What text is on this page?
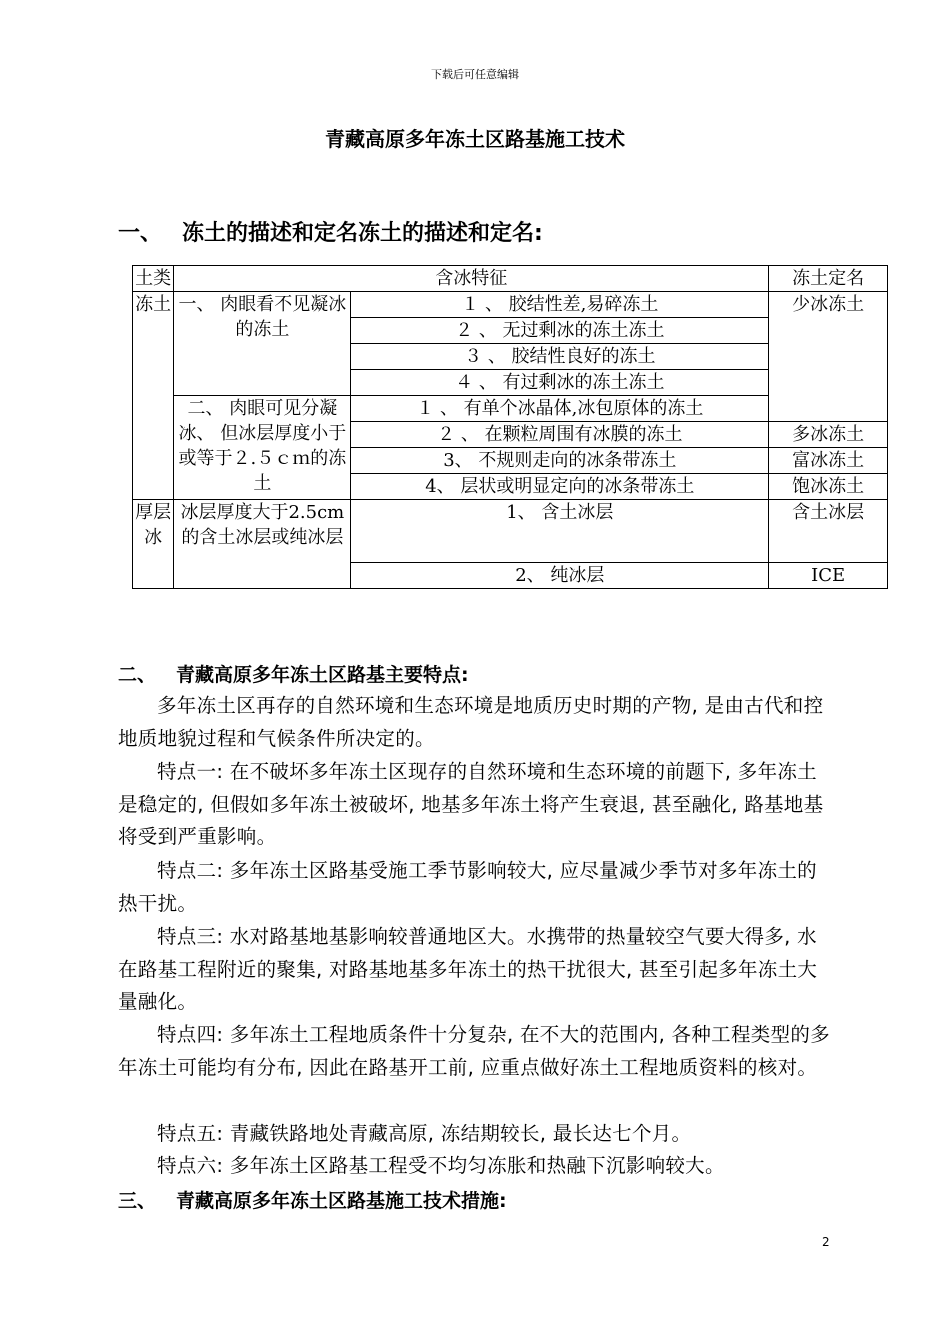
下载后可任意编辑
青藏高原多年冻土区路基施工技术
一、 冻土的描述和定名冻土的描述和定名:
土类	含冰特征		冻土定名
冻土	一、 肉眼看不见凝冰的冻土	１ 、 胶结性差,易碎冻土	少冰冻土
		２ 、 无过剩冰的冻土冻土	
		３ 、 胶结性良好的冻土	
		４ 、 有过剩冰的冻土冻土	
	二、 肉眼可见分凝冰、 但冰层厚度小于或等于２.５ｃｍ的冻土	１ 、 有单个冰晶体,冰包原体的冻土	
		２ 、 在颗粒周围有冰膜的冻土	多冰冻土
		3、 不规则走向的冰条带冻土	富冰冻土
		4、 层状或明显定向的冰条带冻土	饱冰冻土

厚层冰	冰层厚度大于2.5cm 的含土冰层或纯冰层	1、 含土冰层	含土冰层
		2、 纯冰层	ICE
二、 青藏高原多年冻土区路基主要特点:
多年冻土区再存的自然环境和生态环境是地质历史时期的产物, 是由古代和控地质地貌过程和气候条件所决定的。
特点一: 在不破坏多年冻土区现存的自然环境和生态环境的前题下, 多年冻土是稳定的, 但假如多年冻土被破坏, 地基多年冻土将产生衰退, 甚至融化, 路基地基将受到严重影响。
特点二: 多年冻土区路基受施工季节影响较大, 应尽量减少季节对多年冻土的热干扰。
特点三: 水对路基地基影响较普通地区大。水携带的热量较空气要大得多, 水在路基工程附近的聚集, 对路基地基多年冻土的热干扰很大, 甚至引起多年冻土大量融化。
特点四: 多年冻土工程地质条件十分复杂, 在不大的范围内, 各种工程类型的多年冻土可能均有分布, 因此在路基开工前, 应重点做好冻土工程地质资料的核对。
特点五: 青藏铁路地处青藏高原, 冻结期较长, 最长达七个月。
特点六: 多年冻土区路基工程受不均匀冻胀和热融下沉影响较大。
三、 青藏高原多年冻土区路基施工技术措施:
2
